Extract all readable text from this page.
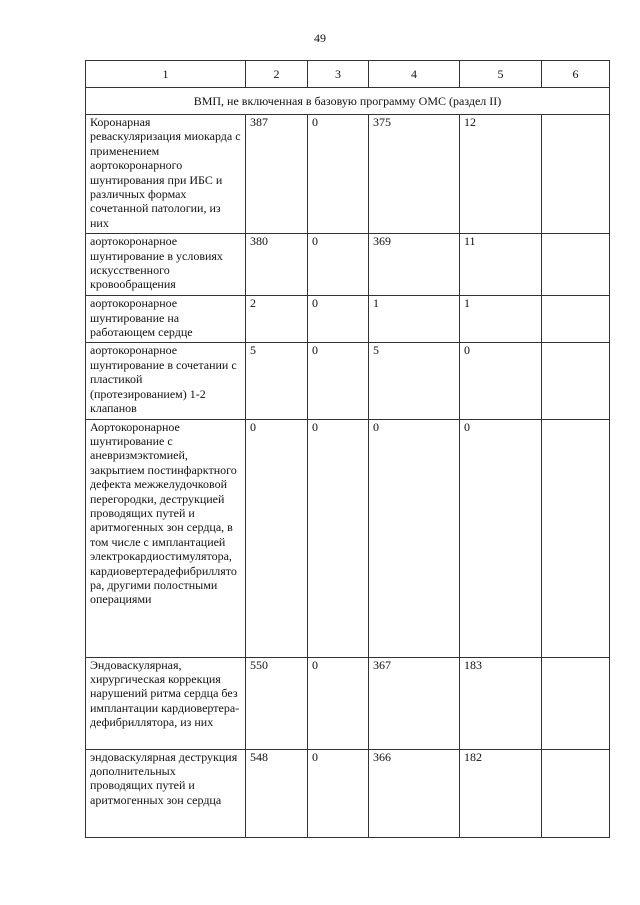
49
1	2	3	4	5	6
ВМП, не включенная в базовую программу ОМС (раздел II)					
Коронарная реваскуляризация миокарда с применением аортокоронарного шунтирования при ИБС и различных формах сочетанной патологии, из них	387	0	375	12	
аортокоронарное шунтирование в условиях искусственного кровообращения	380	0	369	11	
аортокоронарное шунтирование на работающем сердце	2	0	1	1	
аортокоронарное шунтирование в сочетании с пластикой (протезированием) 1-2 клапанов	5	0	5	0	
Аортокоронарное шунтирование с аневризмэктомией, закрытием постинфарктного дефекта межжелудочковой перегородки, деструкцией проводящих путей и аритмогенных зон сердца, в том числе с имплантацией электрокардиостимулятора, кардиовертерадефибриллятора, другими полостными операциями	0	0	0	0	
Эндоваскулярная, хирургическая коррекция нарушений ритма сердца без имплантации кардиовертера-дефибриллятора, из них	550	0	367	183	
эндоваскулярная деструкция дополнительных проводящих путей и аритмогенных зон сердца	548	0	366	182	
